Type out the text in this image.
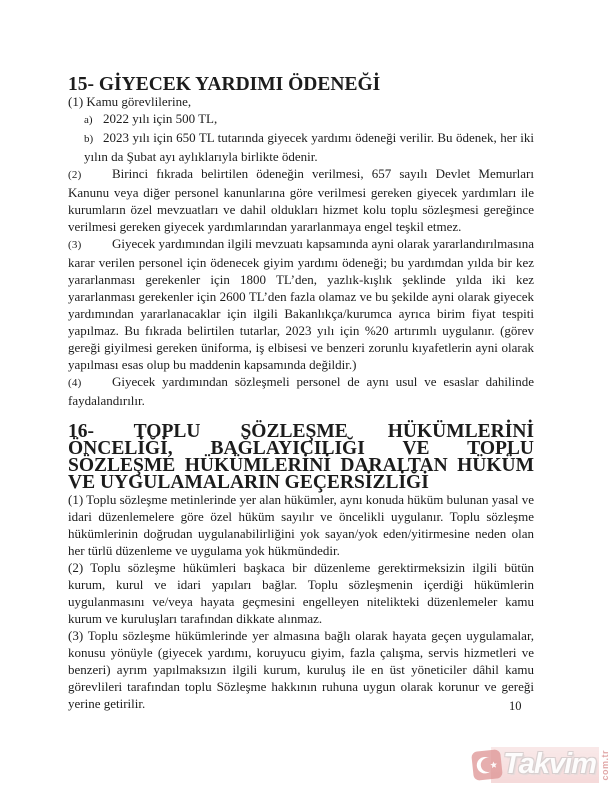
15- GİYECEK YARDIMI ÖDENEĞİ

(1) Kamu görevlilerine,

a) 2022 yılı için 500 TL,
b) 2023 yılı için 650 TL tutarında giyecek yardımı ödeneği verilir. Bu ödenek, her iki yılın da Şubat ayı aylıklarıyla birlikte ödenir.

(2) Birinci fıkrada belirtilen ödeneğin verilmesi, 657 sayılı Devlet Memurları Kanunu veya diğer personel kanunlarına göre verilmesi gereken giyecek yardımları ile kurumların özel mevzuatları ve dahil oldukları hizmet kolu toplu sözleşmesi gereğince verilmesi gereken giyecek yardımlarından yararlanmaya engel teşkil etmez.

(3) Giyecek yardımından ilgili mevzuatı kapsamında ayni olarak yararlandırılmasına karar verilen personel için ödenecek giyim yardımı ödeneği; bu yardımdan yılda bir kez yararlanması gerekenler için 1800 TL’den, yazlık-kışlık şeklinde yılda iki kez yararlanması gerekenler için 2600 TL’den fazla olamaz ve bu şekilde ayni olarak giyecek yardımından yararlanacaklar için ilgili Bakanlıkça/kurumca ayrıca birim fiyat tespiti yapılmaz. Bu fıkrada belirtilen tutarlar, 2023 yılı için %20 artırımlı uygulanır. (görev gereği giyilmesi gereken üniforma, iş elbisesi ve benzeri zorunlu kıyafetlerin ayni olarak yapılması esas olup bu maddenin kapsamında değildir.)

(4) Giyecek yardımından sözleşmeli personel de aynı usul ve esaslar dahilinde faydalandırılır.

16- TOPLU SÖZLEŞME HÜKÜMLERİNİ ÖNCELİĞİ, BAĞLAYICILIĞI VE TOPLU SÖZLEŞME HÜKÜMLERİNİ DARALTAN HÜKÜM VE UYGULAMALARIN GEÇERSİZLİĞİ

(1) Toplu sözleşme metinlerinde yer alan hükümler, aynı konuda hüküm bulunan yasal ve idari düzenlemelere göre özel hüküm sayılır ve öncelikli uygulanır. Toplu sözleşme hükümlerinin doğrudan uygulanabilirliğini yok sayan/yok eden/yitirmesine neden olan her türlü düzenleme ve uygulama yok hükmündedir.

(2) Toplu sözleşme hükümleri başkaca bir düzenleme gerektirmeksizin ilgili bütün kurum, kurul ve idari yapıları bağlar. Toplu sözleşmenin içerdiği hükümlerin uygulanmasını ve/veya hayata geçmesini engelleyen nitelikteki düzenlemeler kamu kurum ve kuruluşları tarafından dikkate alınmaz.

(3) Toplu sözleşme hükümlerinde yer almasına bağlı olarak hayata geçen uygulamalar, konusu yönüyle (giyecek yardımı, koruyucu giyim, fazla çalışma, servis hizmetleri ve benzeri) ayrım yapılmaksızın ilgili kurum, kuruluş ile en üst yöneticiler dâhil kamu görevlileri tarafından toplu Sözleşme hakkının ruhuna uygun olarak korunur ve gereği yerine getirilir.	10
Takvim com.tr
